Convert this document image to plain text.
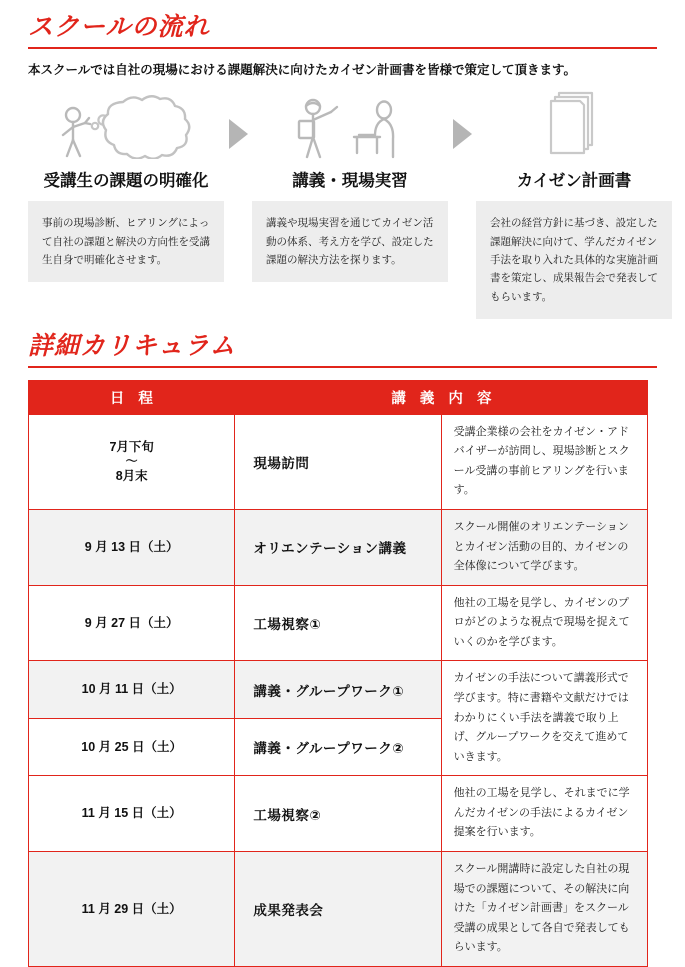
スクールの流れ

本スクールでは自社の現場における課題解決に向けたカイゼン計画書を皆様で策定して頂きます。

受講生の課題の明確化
事前の現場診断、ヒアリングによって自社の課題と解決の方向性を受講生自身で明確化させます。
講義・現場実習
講義や現場実習を通じてカイゼン活動の体系、考え方を学び、設定した課題の解決方法を探ります。
カイゼン計画書
会社の経営方針に基づき、設定した課題解決に向けて、学んだカイゼン手法を取り入れた具体的な実施計画書を策定し、成果報告会で発表してもらいます。
詳細カリキュラム
日 程	講 義 内 容	
7月下旬
〜
8月末	現場訪問	受講企業様の会社をカイゼン・アドバイザーが訪問し、現場診断とスクール受講の事前ヒアリングを行います。
9 月 13 日（土）	オリエンテーション講義	スクール開催のオリエンテーションとカイゼン活動の目的、カイゼンの全体像について学びます。
9 月 27 日（土）	工場視察①	他社の工場を見学し、カイゼンのプロがどのような視点で現場を捉えていくのかを学びます。
10 月 11 日（土）	講義・グループワーク①	カイゼンの手法について講義形式で学びます。特に書籍や文献だけではわかりにくい手法を講義で取り上げ、グループワークを交えて進めていきます。
10 月 25 日（土）	講義・グループワーク②	
11 月 15 日（土）	工場視察②	他社の工場を見学し、それまでに学んだカイゼンの手法によるカイゼン提案を行います。
11 月 29 日（土）	成果発表会	スクール開講時に設定した自社の現場での課題について、その解決に向けた「カイゼン計画書」をスクール受講の成果として各自で発表してもらいます。
